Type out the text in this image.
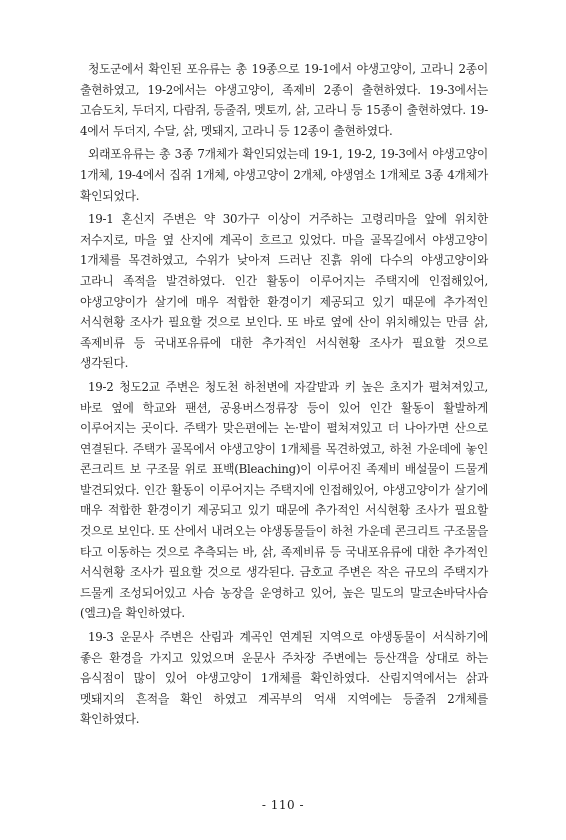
청도군에서 확인된 포유류는 총 19종으로 19-1에서 야생고양이, 고라니 2종이 출현하였고, 19-2에서는 야생고양이, 족제비 2종이 출현하였다. 19-3에서는 고슴도치, 두더지, 다람쥐, 등줄쥐, 멧토끼, 삵, 고라니 등 15종이 출현하였다. 19-4에서 두더지, 수달, 삵, 멧돼지, 고라니 등 12종이 출현하였다.

외래포유류는 총 3종 7개체가 확인되었는데 19-1, 19-2, 19-3에서 야생고양이 1개체, 19-4에서 집쥐 1개체, 야생고양이 2개체, 야생염소 1개체로 3종 4개체가 확인되었다.

19-1 혼신지 주변은 약 30가구 이상이 거주하는 고령리마을 앞에 위치한 저수지로, 마을 옆 산지에 계곡이 흐르고 있었다. 마을 골목길에서 야생고양이 1개체를 목견하였고, 수위가 낮아져 드러난 진흙 위에 다수의 야생고양이와 고라니 족적을 발견하였다. 인간 활동이 이루어지는 주택지에 인접해있어, 야생고양이가 살기에 매우 적합한 환경이기 제공되고 있기 때문에 추가적인 서식현황 조사가 필요할 것으로 보인다. 또 바로 옆에 산이 위치해있는 만큼 삵, 족제비류 등 국내포유류에 대한 추가적인 서식현황 조사가 필요할 것으로 생각된다.

19-2 청도2교 주변은 청도천 하천변에 자갈밭과 키 높은 초지가 펼쳐져있고, 바로 옆에 학교와 팬션, 공용버스정류장 등이 있어 인간 활동이 활발하게 이루어지는 곳이다. 주택가 맞은편에는 논·밭이 펼쳐져있고 더 나아가면 산으로 연결된다. 주택가 골목에서 야생고양이 1개체를 목견하였고, 하천 가운데에 놓인 콘크리트 보 구조물 위로 표백(Bleaching)이 이루어진 족제비 배설물이 드물게 발견되었다. 인간 활동이 이루어지는 주택지에 인접해있어, 야생고양이가 살기에 매우 적합한 환경이기 제공되고 있기 때문에 추가적인 서식현황 조사가 필요할 것으로 보인다. 또 산에서 내려오는 야생동물들이 하천 가운데 콘크리트 구조물을 타고 이동하는 것으로 추측되는 바, 삵, 족제비류 등 국내포유류에 대한 추가적인 서식현황 조사가 필요할 것으로 생각된다. 금호교 주변은 작은 규모의 주택지가 드물게 조성되어있고 사슴 농장을 운영하고 있어, 높은 밀도의 말코손바닥사슴(엘크)을 확인하였다.

19-3 운문사 주변은 산림과 계곡인 연계된 지역으로 야생동물이 서식하기에 좋은 환경을 가지고 있었으며 운문사 주차장 주변에는 등산객을 상대로 하는 음식점이 많이 있어 야생고양이 1개체를 확인하였다. 산림지역에서는 삵과 멧돼지의 흔적을 확인 하였고 계곡부의 억새 지역에는 등줄쥐 2개체를 확인하였다.

- 110 -
